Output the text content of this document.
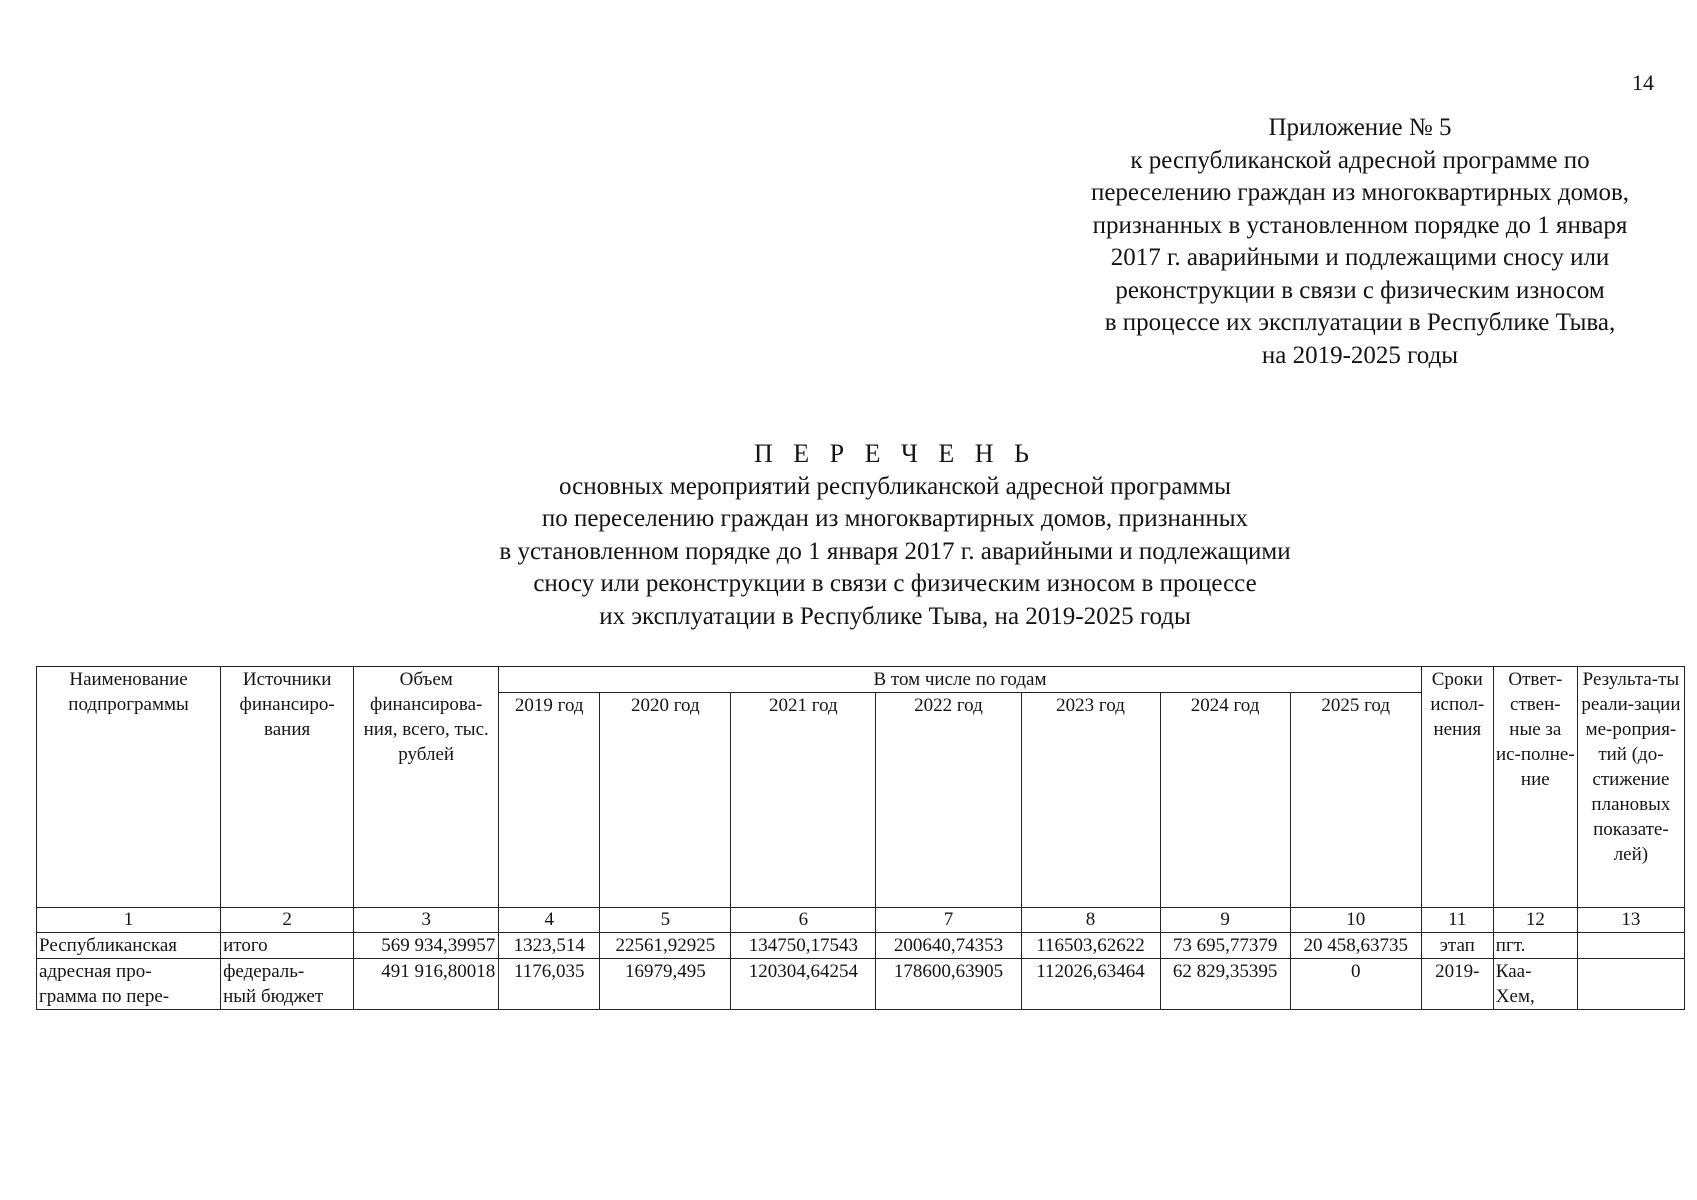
14
Приложение № 5
к республиканской адресной программе по
переселению граждан из многоквартирных домов,
признанных в установленном порядке до 1 января
2017 г. аварийными и подлежащими сносу или
реконструкции в связи с физическим износом
в процессе их эксплуатации в Республике Тыва,
на 2019-2025 годы
П Е Р Е Ч Е Н Ь
основных мероприятий республиканской адресной программы
по переселению граждан из многоквартирных домов, признанных
в установленном порядке до 1 января 2017 г. аварийными и подлежащими
сносу или реконструкции в связи с физическим износом в процессе
их эксплуатации в Республике Тыва, на 2019-2025 годы
Наименование подпрограммы	Источники финансиро-вания	Объем финансирова-ния, всего, тыс. рублей	В том числе по годам							Сроки испол-нения	Ответ-ствен-ные за ис-полне-ние	Результа-ты реали-зации ме-роприя-тий (до-стижение плановых показате-лей)
			2019 год	2020 год	2021 год	2022 год	2023 год	2024 год	2025 год			
1	2	3	4	5	6	7	8	9	10	11	12	13
Республиканская	итого	569 934,39957	1323,514	22561,92925	134750,17543	200640,74353	116503,62622	73 695,77379	20 458,63735	этап	пгт.	
адресная про-	федераль-	491 916,80018	1176,035	16979,495	120304,64254	178600,63905	112026,63464	62 829,35395	0	2019-	Каа-	
грамма по пере-	ный бюджет										Хем,	
